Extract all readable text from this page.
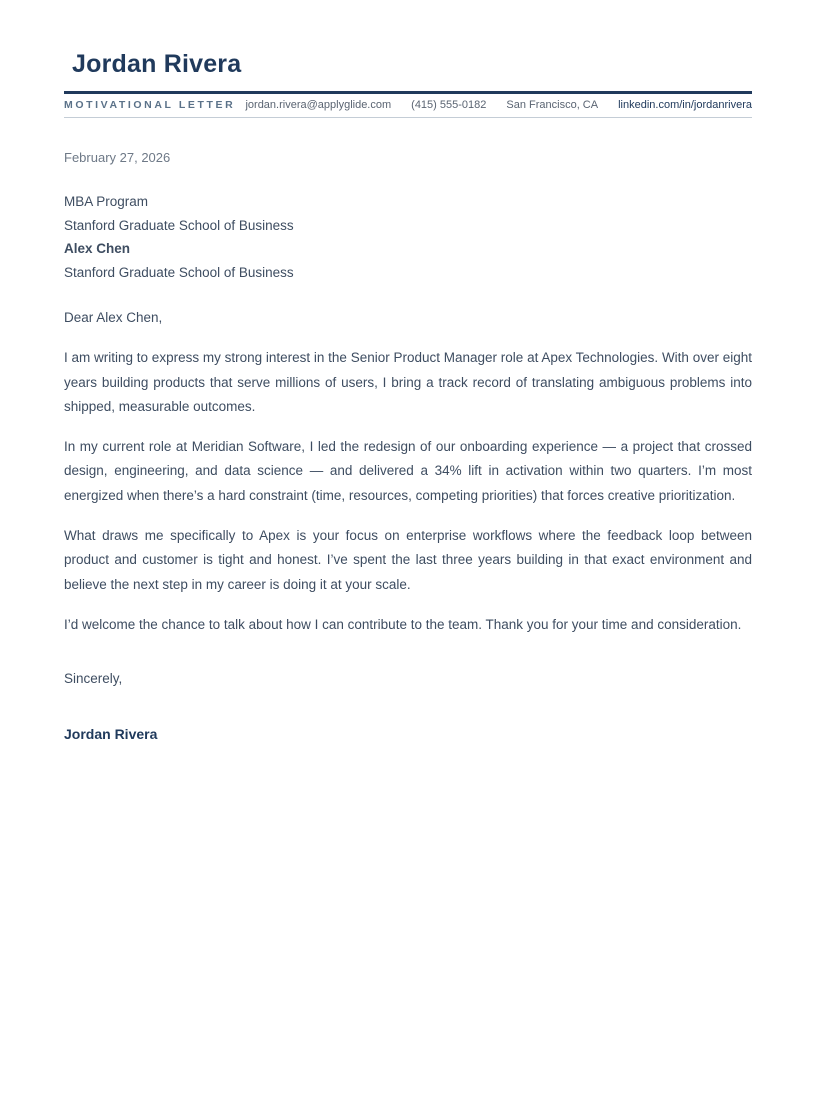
Jordan Rivera
MOTIVATIONAL LETTER jordan.rivera@applyglide.com (415) 555-0182 San Francisco, CA linkedin.com/in/jordanrivera
February 27, 2026
MBA Program
Stanford Graduate School of Business
Alex Chen
Stanford Graduate School of Business

Dear Alex Chen,

I am writing to express my strong interest in the Senior Product Manager role at Apex Technologies. With over eight years building products that serve millions of users, I bring a track record of translating ambiguous problems into shipped, measurable outcomes.

In my current role at Meridian Software, I led the redesign of our onboarding experience — a project that crossed design, engineering, and data science — and delivered a 34% lift in activation within two quarters. I’m most energized when there’s a hard constraint (time, resources, competing priorities) that forces creative prioritization.

What draws me specifically to Apex is your focus on enterprise workflows where the feedback loop between product and customer is tight and honest. I’ve spent the last three years building in that exact environment and believe the next step in my career is doing it at your scale.

I’d welcome the chance to talk about how I can contribute to the team. Thank you for your time and consideration.

Sincerely,

Jordan Rivera
